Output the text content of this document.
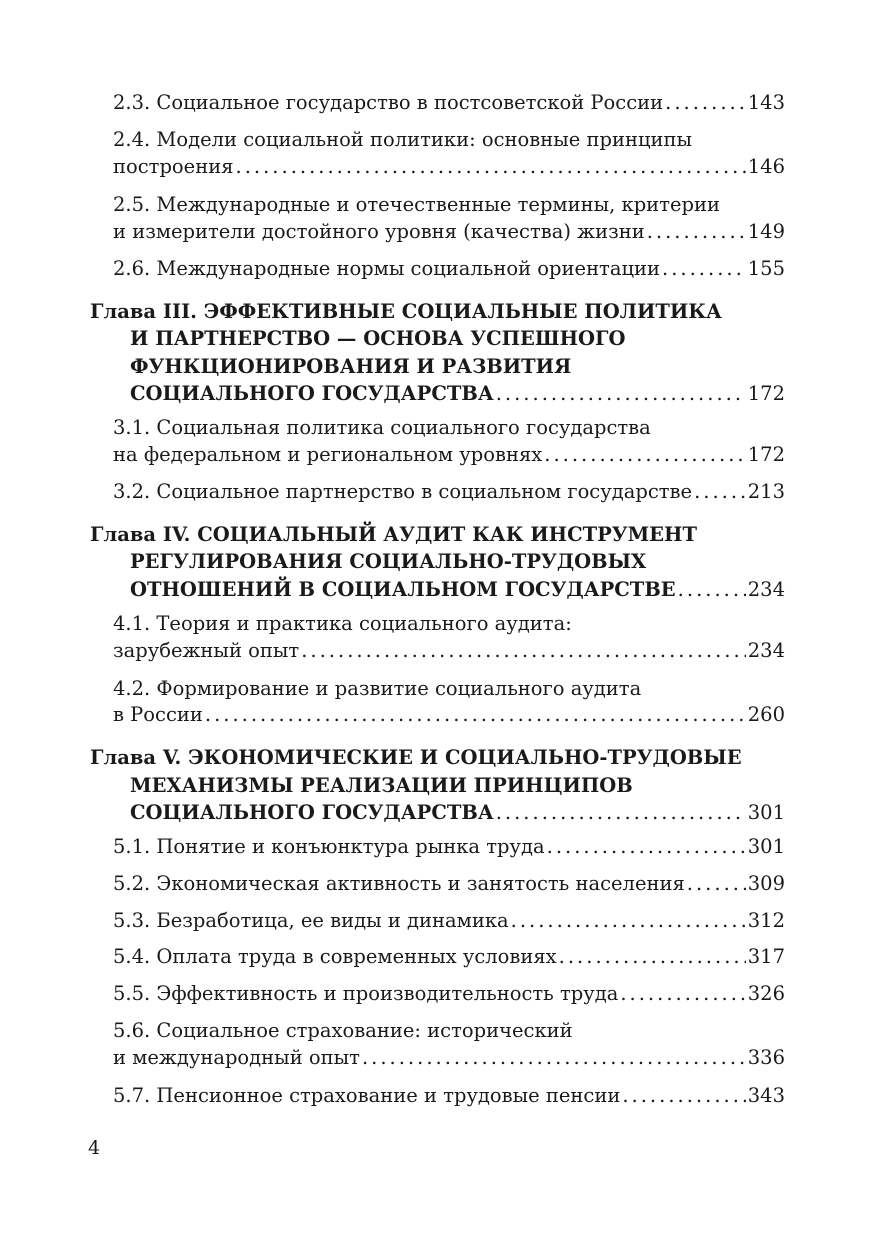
2.3. Социальное государство в постсоветской России . . .	143
2.4. Модели социальной политики: основные принципы
построения . . .	146
2.5. Международные и отечественные термины, критерии
и измерители достойного уровня (качества) жизни . . .	149
2.6. Международные нормы социальной ориентации . . .	155
Глава III. ЭФФЕКТИВНЫЕ СОЦИАЛЬНЫЕ ПОЛИТИКА
И ПАРТНЕРСТВО — ОСНОВА УСПЕШНОГО
ФУНКЦИОНИРОВАНИЯ И РАЗВИТИЯ
СОЦИАЛЬНОГО ГОСУДАРСТВА . . .	172
3.1. Социальная политика социального государства
на федеральном и региональном уровнях . . .	172
3.2. Социальное партнерство в социальном государстве . . .	213
Глава IV. СОЦИАЛЬНЫЙ АУДИТ КАК ИНСТРУМЕНТ
РЕГУЛИРОВАНИЯ СОЦИАЛЬНО-ТРУДОВЫХ
ОТНОШЕНИЙ В СОЦИАЛЬНОМ ГОСУДАРСТВЕ . . .	234
4.1. Теория и практика социального аудита:
зарубежный опыт . . .	234
4.2. Формирование и развитие социального аудита
в России . . .	260
Глава V. ЭКОНОМИЧЕСКИЕ И СОЦИАЛЬНО-ТРУДОВЫЕ
МЕХАНИЗМЫ РЕАЛИЗАЦИИ ПРИНЦИПОВ
СОЦИАЛЬНОГО ГОСУДАРСТВА . . .	301
5.1. Понятие и конъюнктура рынка труда . . .	301
5.2. Экономическая активность и занятость населения . . .	309
5.3. Безработица, ее виды и динамика . . .	312
5.4. Оплата труда в современных условиях . . .	317
5.5. Эффективность и производительность труда . . .	326
5.6. Социальное страхование: исторический
и международный опыт . . .	336
5.7. Пенсионное страхование и трудовые пенсии . . .	343
4
